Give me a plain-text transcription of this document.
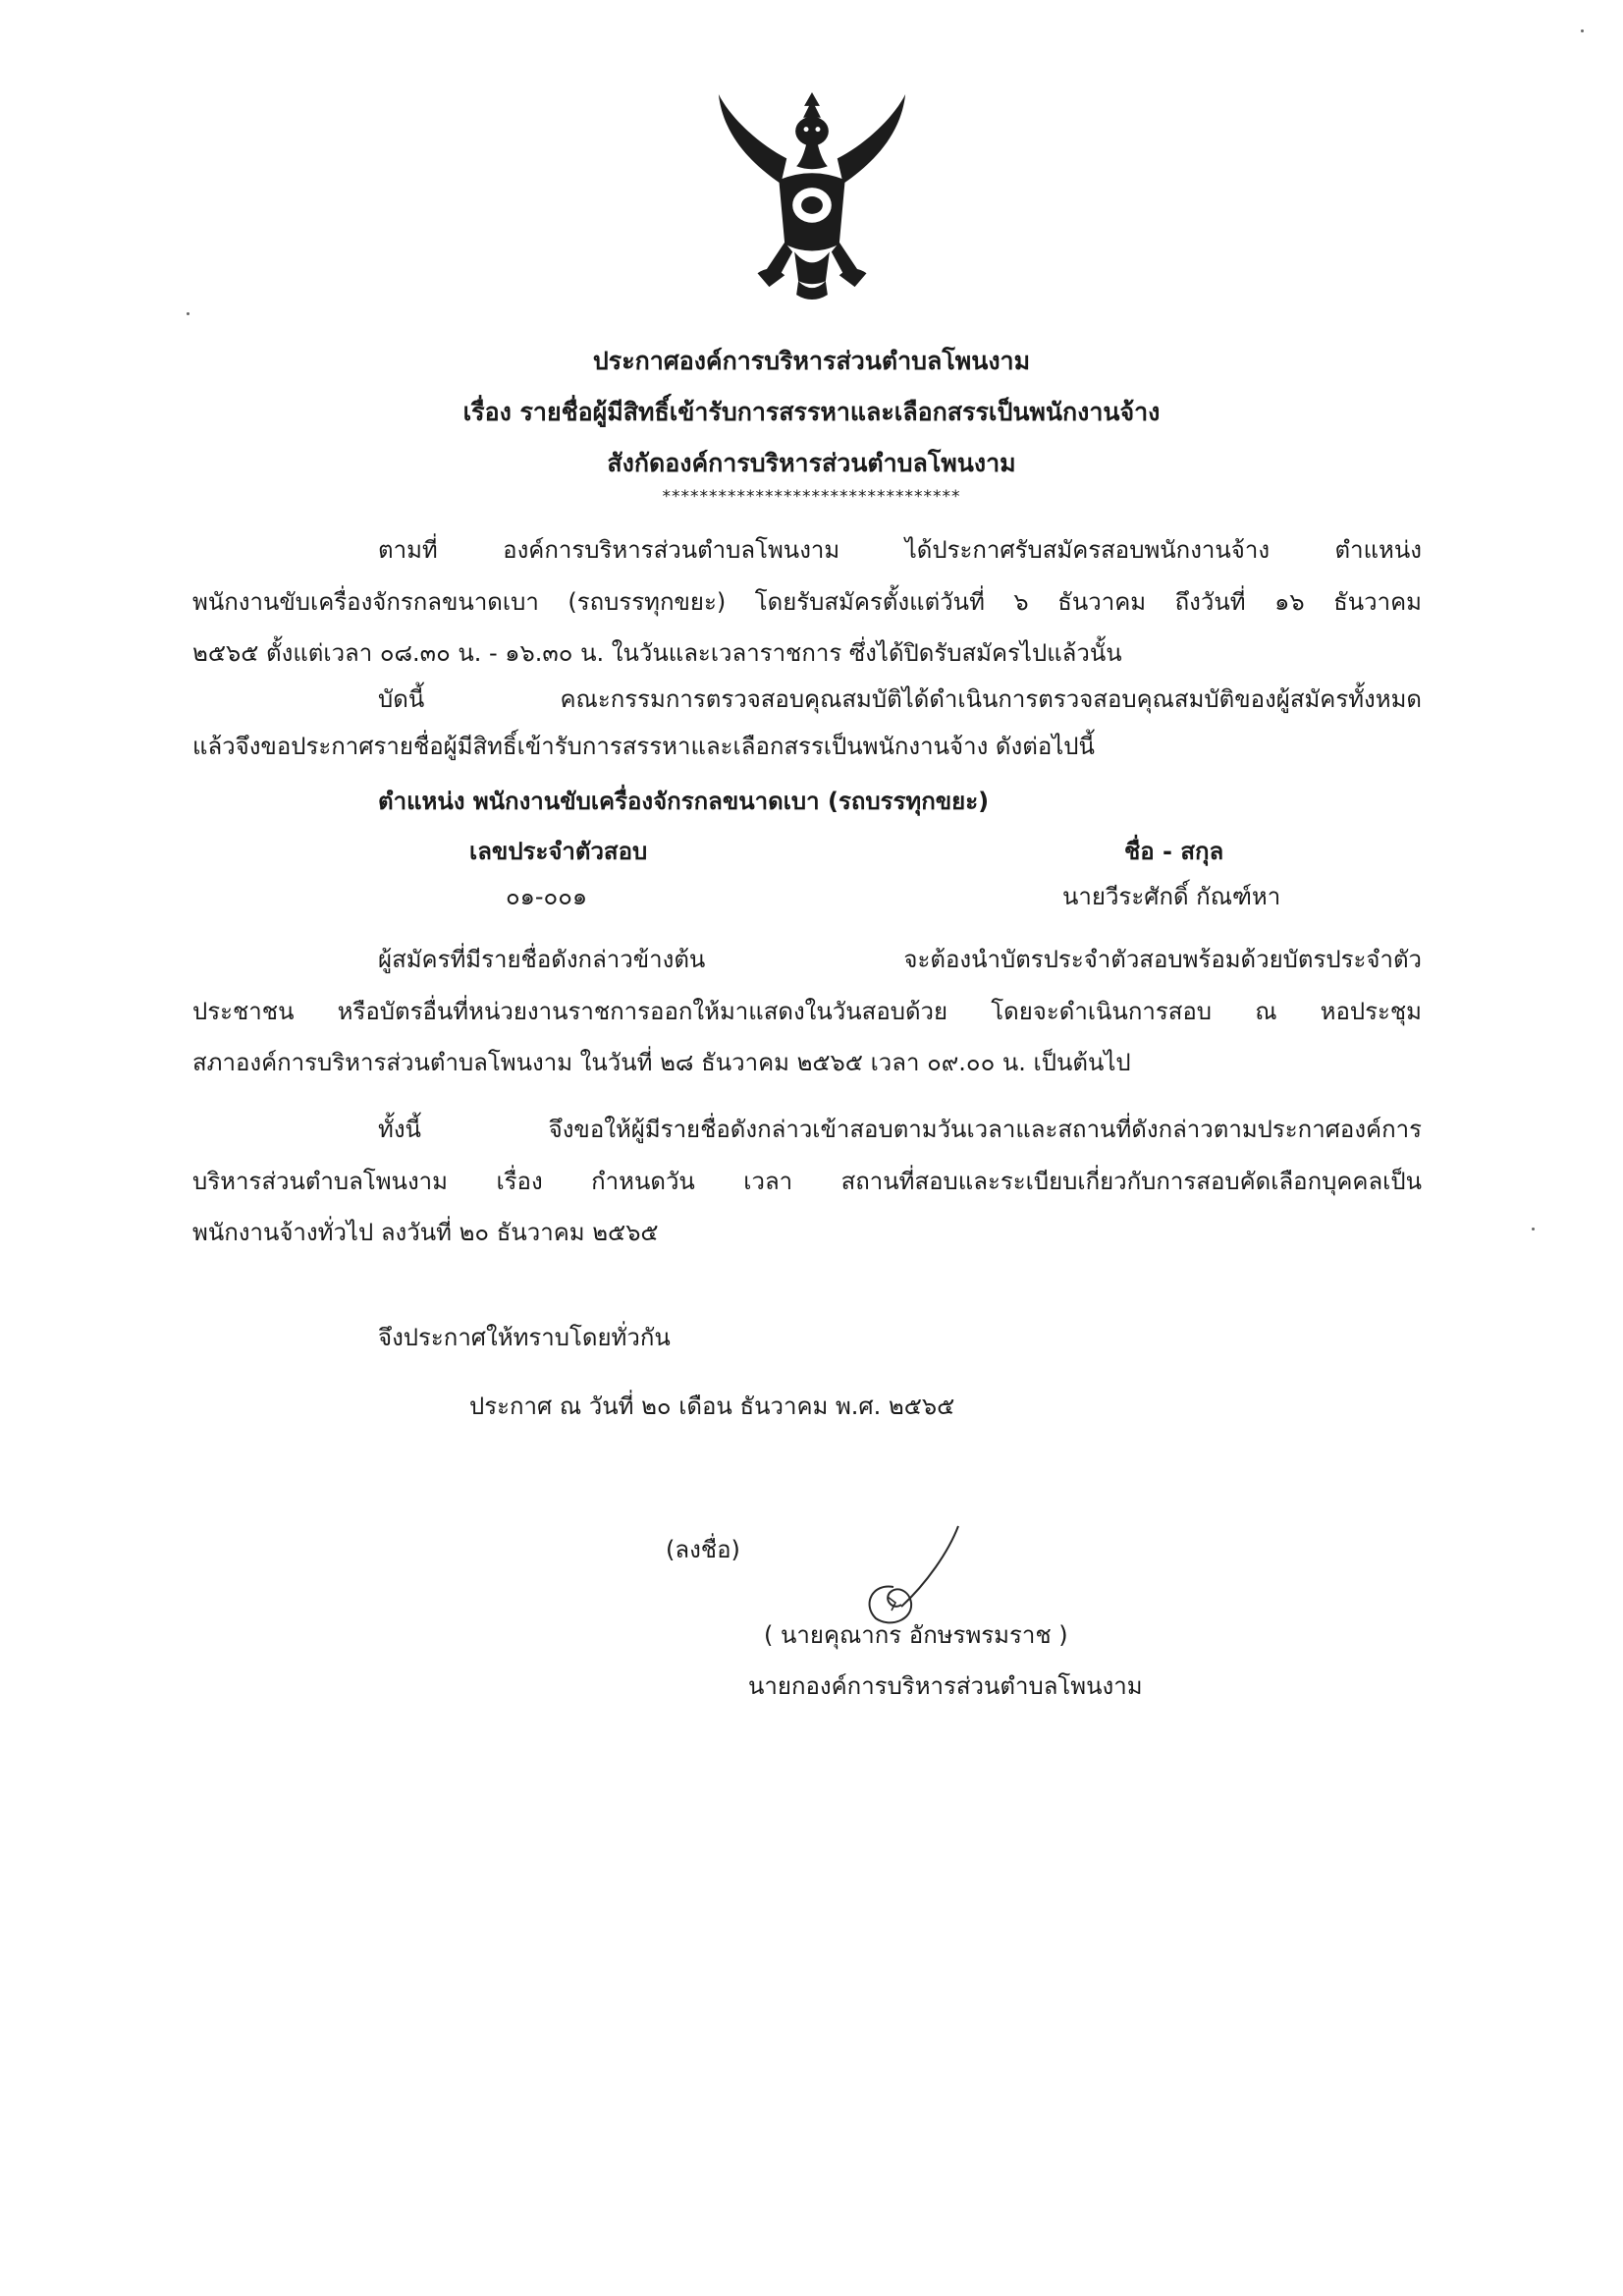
ประกาศองค์การบริหารส่วนตำบลโพนงาม
เรื่อง รายชื่อผู้มีสิทธิ์เข้ารับการสรรหาและเลือกสรรเป็นพนักงานจ้าง
สังกัดองค์การบริหารส่วนตำบลโพนงาม
********************************
ตามที่ องค์การบริหารส่วนตำบลโพนงาม ได้ประกาศรับสมัครสอบพนักงานจ้าง ตำแหน่ง
พนักงานขับเครื่องจักรกลขนาดเบา (รถบรรทุกขยะ) โดยรับสมัครตั้งแต่วันที่ ๖ ธันวาคม ถึงวันที่ ๑๖ ธันวาคม
๒๕๖๕ ตั้งแต่เวลา ๐๘.๓๐ น. - ๑๖.๓๐ น. ในวันและเวลาราชการ ซึ่งได้ปิดรับสมัครไปแล้วนั้น
บัดนี้ คณะกรรมการตรวจสอบคุณสมบัติได้ดำเนินการตรวจสอบคุณสมบัติของผู้สมัครทั้งหมด
แล้วจึงขอประกาศรายชื่อผู้มีสิทธิ์เข้ารับการสรรหาและเลือกสรรเป็นพนักงานจ้าง ดังต่อไปนี้
ตำแหน่ง พนักงานขับเครื่องจักรกลขนาดเบา (รถบรรทุกขยะ)
เลขประจำตัวสอบ	ชื่อ - สกุล
๐๑-๐๐๑	นายวีระศักดิ์ กัณฑ์หา
ผู้สมัครที่มีรายชื่อดังกล่าวข้างต้น จะต้องนำบัตรประจำตัวสอบพร้อมด้วยบัตรประจำตัว
ประชาชน หรือบัตรอื่นที่หน่วยงานราชการออกให้มาแสดงในวันสอบด้วย โดยจะดำเนินการสอบ ณ หอประชุม
สภาองค์การบริหารส่วนตำบลโพนงาม ในวันที่ ๒๘ ธันวาคม ๒๕๖๕ เวลา ๐๙.๐๐ น. เป็นต้นไป
ทั้งนี้ จึงขอให้ผู้มีรายชื่อดังกล่าวเข้าสอบตามวันเวลาและสถานที่ดังกล่าวตามประกาศองค์การ
บริหารส่วนตำบลโพนงาม เรื่อง กำหนดวัน เวลา สถานที่สอบและระเบียบเกี่ยวกับการสอบคัดเลือกบุคคลเป็น
พนักงานจ้างทั่วไป ลงวันที่ ๒๐ ธันวาคม ๒๕๖๕
จึงประกาศให้ทราบโดยทั่วกัน
ประกาศ ณ วันที่ ๒๐ เดือน ธันวาคม พ.ศ. ๒๕๖๕
(ลงชื่อ)
( นายคุณากร อักษรพรมราช )
นายกองค์การบริหารส่วนตำบลโพนงาม
